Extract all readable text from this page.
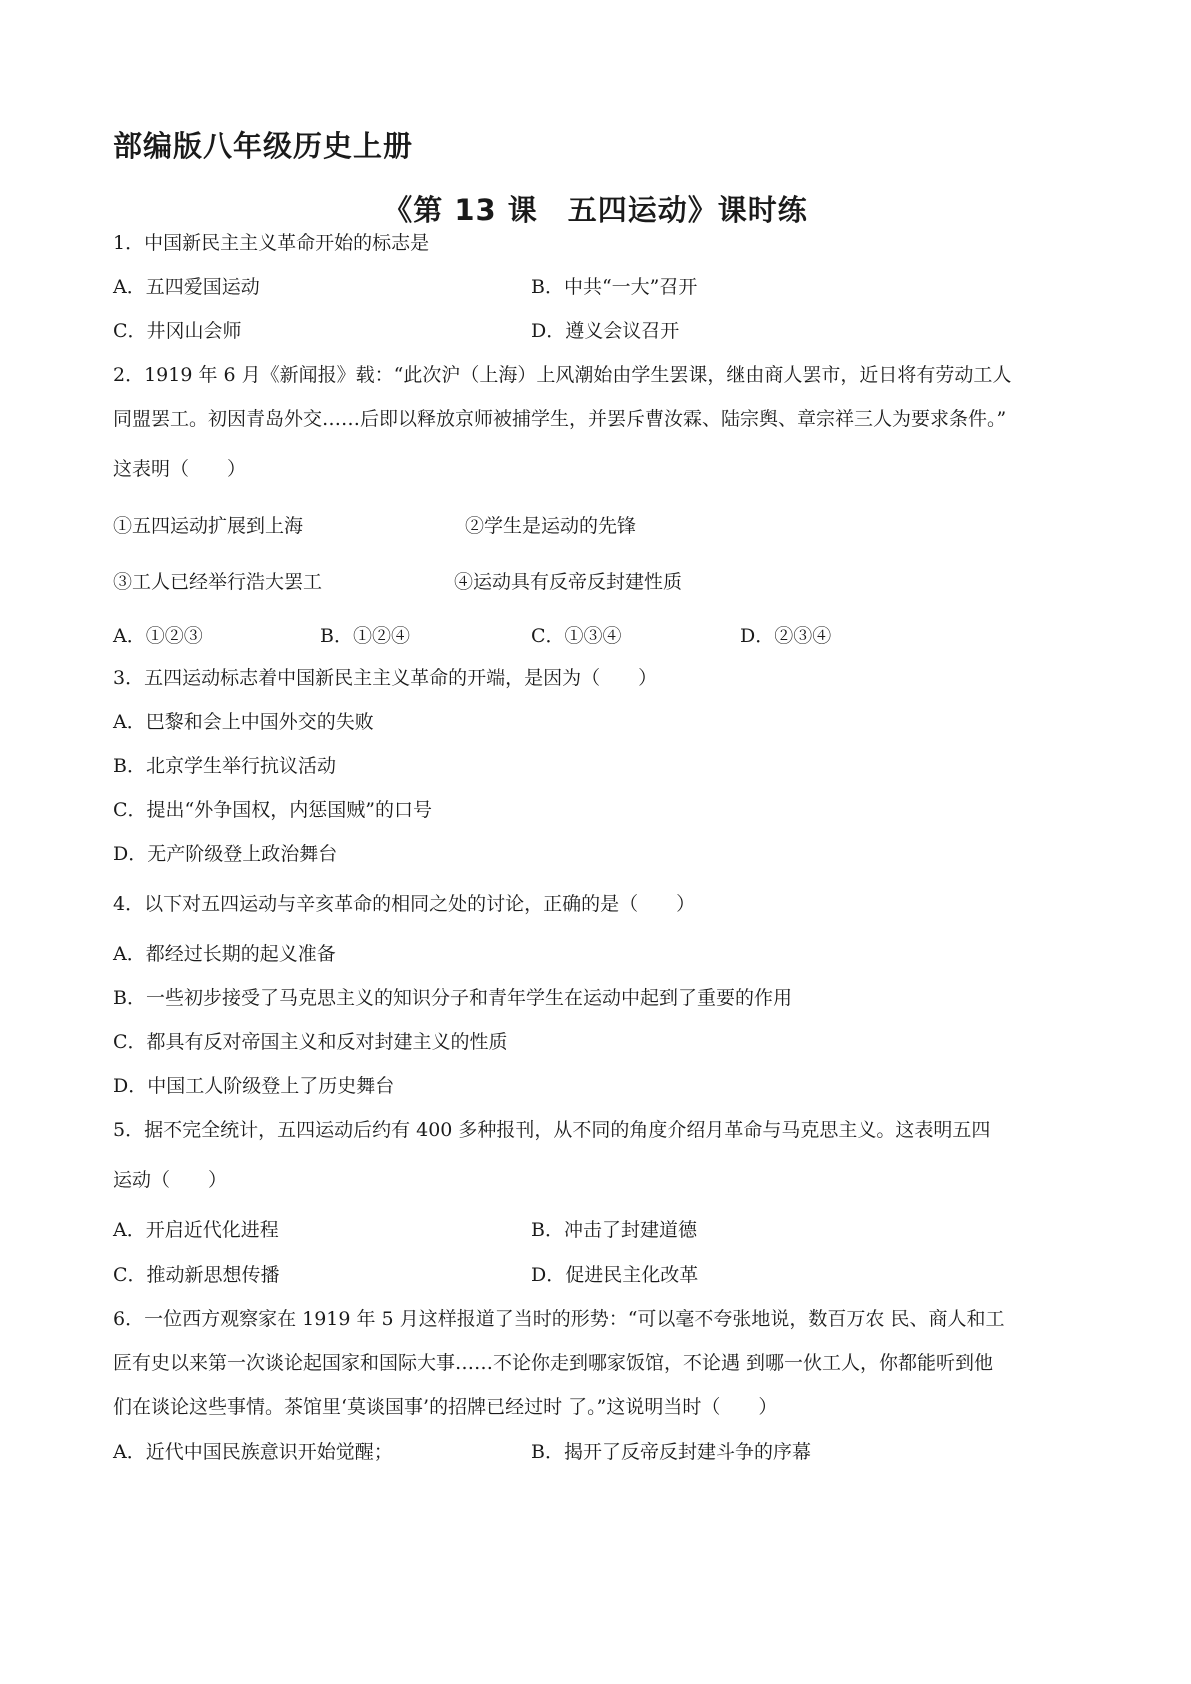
部编版八年级历史上册
《第 13 课　五四运动》课时练
1．中国新民主主义革命开始的标志是
A．五四爱国运动	B．中共“一大”召开
C．井冈山会师	D．遵义会议召开
2．1919 年 6 月《新闻报》载：“此次沪（上海）上风潮始由学生罢课，继由商人罢市，近日将有劳动工人
同盟罢工。初因青岛外交……后即以释放京师被捕学生，并罢斥曹汝霖、陆宗舆、章宗祥三人为要求条件。”
这表明（　　）
①五四运动扩展到上海	②学生是运动的先锋
③工人已经举行浩大罢工	④运动具有反帝反封建性质
A．①②③	B．①②④	C．①③④	D．②③④
3．五四运动标志着中国新民主主义革命的开端，是因为（　　）
A．巴黎和会上中国外交的失败
B．北京学生举行抗议活动
C．提出“外争国权，内惩国贼”的口号
D．无产阶级登上政治舞台
4．以下对五四运动与辛亥革命的相同之处的讨论，正确的是（　　）
A．都经过长期的起义准备
B．一些初步接受了马克思主义的知识分子和青年学生在运动中起到了重要的作用
C．都具有反对帝国主义和反对封建主义的性质
D．中国工人阶级登上了历史舞台
5．据不完全统计，五四运动后约有 400 多种报刊，从不同的角度介绍月革命与马克思主义。这表明五四
运动（　　）
A．开启近代化进程	B．冲击了封建道德
C．推动新思想传播	D．促进民主化改革
6．一位西方观察家在 1919 年 5 月这样报道了当时的形势：“可以毫不夸张地说，数百万农 民、商人和工
匠有史以来第一次谈论起国家和国际大事……不论你走到哪家饭馆，不论遇 到哪一伙工人，你都能听到他
们在谈论这些事情。茶馆里‘莫谈国事’的招牌已经过时 了。”这说明当时（　　）
A．近代中国民族意识开始觉醒；	B．揭开了反帝反封建斗争的序幕
